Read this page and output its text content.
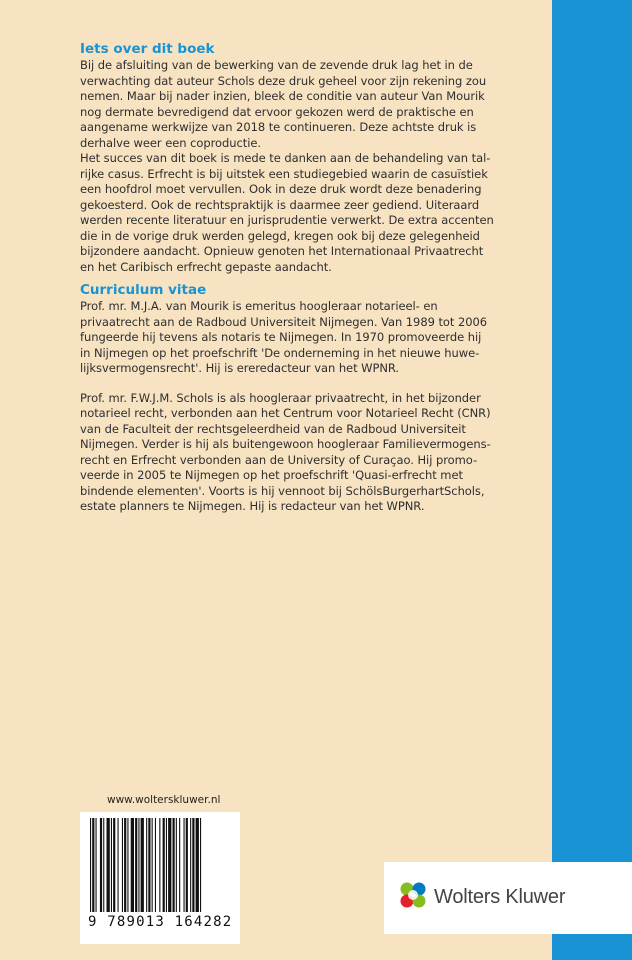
Iets over dit boek

Bij de afsluiting van de bewerking van de zevende druk lag het in de
verwachting dat auteur Schols deze druk geheel voor zijn rekening zou
nemen. Maar bij nader inzien, bleek de conditie van auteur Van Mourik
nog dermate bevredigend dat ervoor gekozen werd de praktische en
aangename werkwijze van 2018 te continueren. Deze achtste druk is
derhalve weer een coproductie.

Het succes van dit boek is mede te danken aan de behandeling van tal-
rijke casus. Erfrecht is bij uitstek een studiegebied waarin de casuïstiek
een hoofdrol moet vervullen. Ook in deze druk wordt deze benadering
gekoesterd. Ook de rechtspraktijk is daarmee zeer gediend. Uiteraard
werden recente literatuur en jurisprudentie verwerkt. De extra accenten
die in de vorige druk werden gelegd, kregen ook bij deze gelegenheid
bijzondere aandacht. Opnieuw genoten het Internationaal Privaatrecht
en het Caribisch erfrecht gepaste aandacht.

Curriculum vitae

Prof. mr. M.J.A. van Mourik is emeritus hoogleraar notarieel- en
privaatrecht aan de Radboud Universiteit Nijmegen. Van 1989 tot 2006
fungeerde hij tevens als notaris te Nijmegen. In 1970 promoveerde hij
in Nijmegen op het proefschrift 'De onderneming in het nieuwe huwe-
lijksvermogensrecht'. Hij is ereredacteur van het WPNR.

Prof. mr. F.W.J.M. Schols is als hoogleraar privaatrecht, in het bijzonder
notarieel recht, verbonden aan het Centrum voor Notarieel Recht (CNR)
van de Faculteit der rechtsgeleerdheid van de Radboud Universiteit
Nijmegen. Verder is hij als buitengewoon hoogleraar Familievermogens-
recht en Erfrecht verbonden aan de University of Curaçao. Hij promo-
veerde in 2005 te Nijmegen op het proefschrift 'Quasi-erfrecht met
bindende elementen'. Voorts is hij vennoot bij SchölsBurgerhartSchols,
estate planners te Nijmegen. Hij is redacteur van het WPNR.

www.wolterskluwer.nl
9 789013 164282
Wolters Kluwer
